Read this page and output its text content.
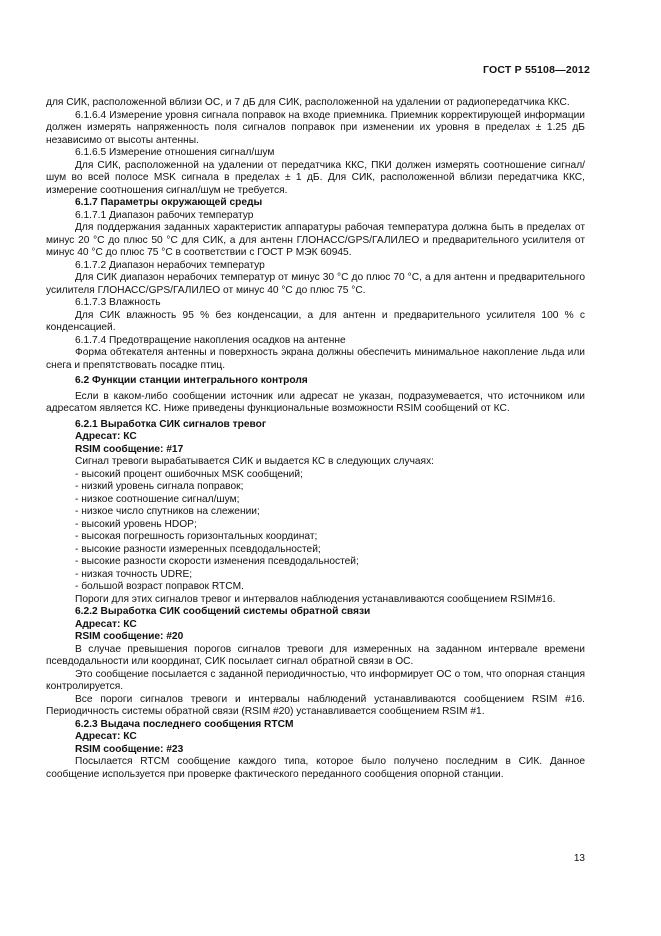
ГОСТ Р 55108—2012

для СИК, расположенной вблизи ОС, и 7 дБ для СИК, расположенной на удалении от радиопередатчика ККС.

6.1.6.4 Измерение уровня сигнала поправок на входе приемника. Приемник корректирующей информации должен измерять напряженность поля сигналов поправок при изменении их уровня в пределах ± 1.25 дБ независимо от высоты антенны.

6.1.6.5 Измерение отношения сигнал/шум

Для СИК, расположенной на удалении от передатчика ККС, ПКИ должен измерять соотношение сигнал/шум во всей полосе MSK сигнала в пределах ± 1 дБ. Для СИК, расположенной вблизи передатчика ККС, измерение соотношения сигнал/шум не требуется.

6.1.7 Параметры окружающей среды

6.1.7.1 Диапазон рабочих температур

Для поддержания заданных характеристик аппаратуры рабочая температура должна быть в пределах от минус 20 °С до плюс 50 °С для СИК, а для антенн ГЛОНАСС/GPS/ГАЛИЛЕО и предварительного усилителя от минус 40 °С до плюс 75 °С в соответствии с ГОСТ Р МЭК 60945.

6.1.7.2 Диапазон нерабочих температур

Для СИК диапазон нерабочих температур от минус 30 °С до плюс 70 °С, а для антенн и предварительного усилителя ГЛОНАСС/GPS/ГАЛИЛЕО от минус 40 °С до плюс 75 °С.

6.1.7.3 Влажность

Для СИК влажность 95 % без конденсации, а для антенн и предварительного усилителя 100 % с конденсацией.

6.1.7.4 Предотвращение накопления осадков на антенне

Форма обтекателя антенны и поверхность экрана должны обеспечить минимальное накопление льда или снега и препятствовать посадке птиц.

6.2 Функции станции интегрального контроля

Если в каком-либо сообщении источник или адресат не указан, подразумевается, что источником или адресатом является КС. Ниже приведены функциональные возможности RSIM сообщений от КС.

6.2.1 Выработка СИК сигналов тревог

Адресат: КС

RSIM сообщение: #17

Сигнал тревоги вырабатывается СИК и выдается КС в следующих случаях:

- высокий процент ошибочных MSK сообщений;

- низкий уровень сигнала поправок;

- низкое соотношение сигнал/шум;

- низкое число спутников на слежении;

- высокий уровень HDOP;

- высокая погрешность горизонтальных координат;

- высокие разности измеренных псевдодальностей;

- высокие разности скорости изменения псевдодальностей;

- низкая точность UDRE;

- большой возраст поправок RTCM.

Пороги для этих сигналов тревог и интервалов наблюдения устанавливаются сообщением RSIM#16.

6.2.2 Выработка СИК сообщений системы обратной связи

Адресат: КС

RSIM сообщение: #20

В случае превышения порогов сигналов тревоги для измеренных на заданном интервале времени псевдодальности или координат, СИК посылает сигнал обратной связи в ОС.

Это сообщение посылается с заданной периодичностью, что информирует ОС о том, что опорная станция контролируется.

Все пороги сигналов тревоги и интервалы наблюдений устанавливаются сообщением RSIM #16. Периодичность системы обратной связи (RSIM #20) устанавливается сообщением RSIM #1.

6.2.3 Выдача последнего сообщения RTCM

Адресат: КС

RSIM сообщение: #23

Посылается RTCM сообщение каждого типа, которое было получено последним в СИК. Данное сообщение используется при проверке фактического переданного сообщения опорной станции.

13
